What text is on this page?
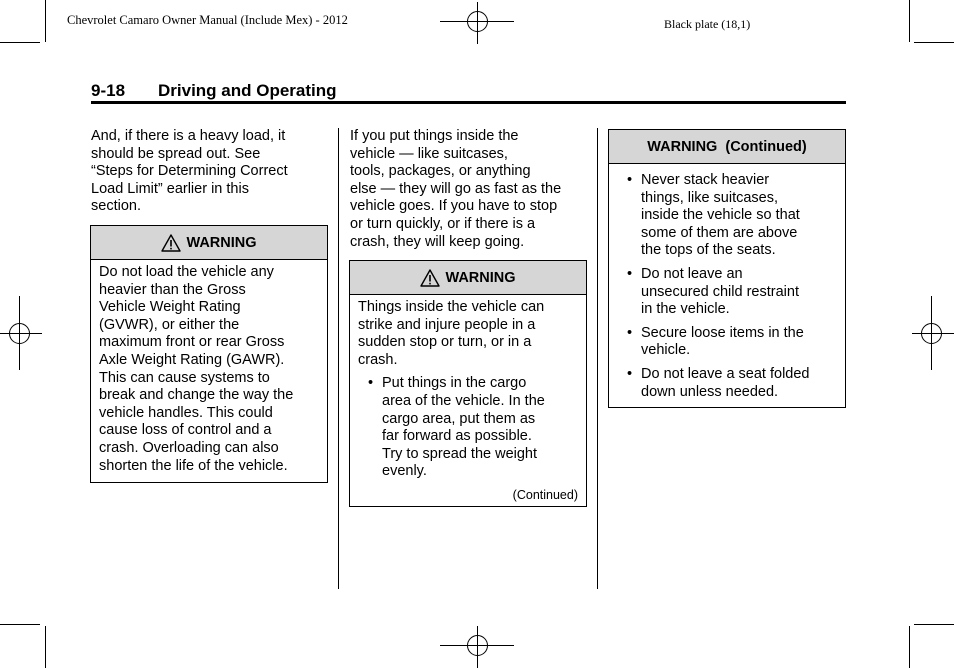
Chevrolet Camaro Owner Manual (Include Mex) - 2012	Black plate (18,1)
9-18 Driving and Operating
And, if there is a heavy load, it
should be spread out. See
“Steps for Determining Correct
Load Limit” earlier in this
section.
WARNING
Do not load the vehicle any
heavier than the Gross
Vehicle Weight Rating
(GVWR), or either the
maximum front or rear Gross
Axle Weight Rating (GAWR).
This can cause systems to
break and change the way the
vehicle handles. This could
cause loss of control and a
crash. Overloading can also
shorten the life of the vehicle.
If you put things inside the
vehicle — like suitcases,
tools, packages, or anything
else — they will go as fast as the
vehicle goes. If you have to stop
or turn quickly, or if there is a
crash, they will keep going.
WARNING
Things inside the vehicle can
strike and injure people in a
sudden stop or turn, or in a
crash.
• Put things in the cargo
area of the vehicle. In the
cargo area, put them as
far forward as possible.
Try to spread the weight
evenly.
(Continued)
WARNING  (Continued)
• Never stack heavier
things, like suitcases,
inside the vehicle so that
some of them are above
the tops of the seats.
• Do not leave an
unsecured child restraint
in the vehicle.
• Secure loose items in the
vehicle.
• Do not leave a seat folded
down unless needed.
